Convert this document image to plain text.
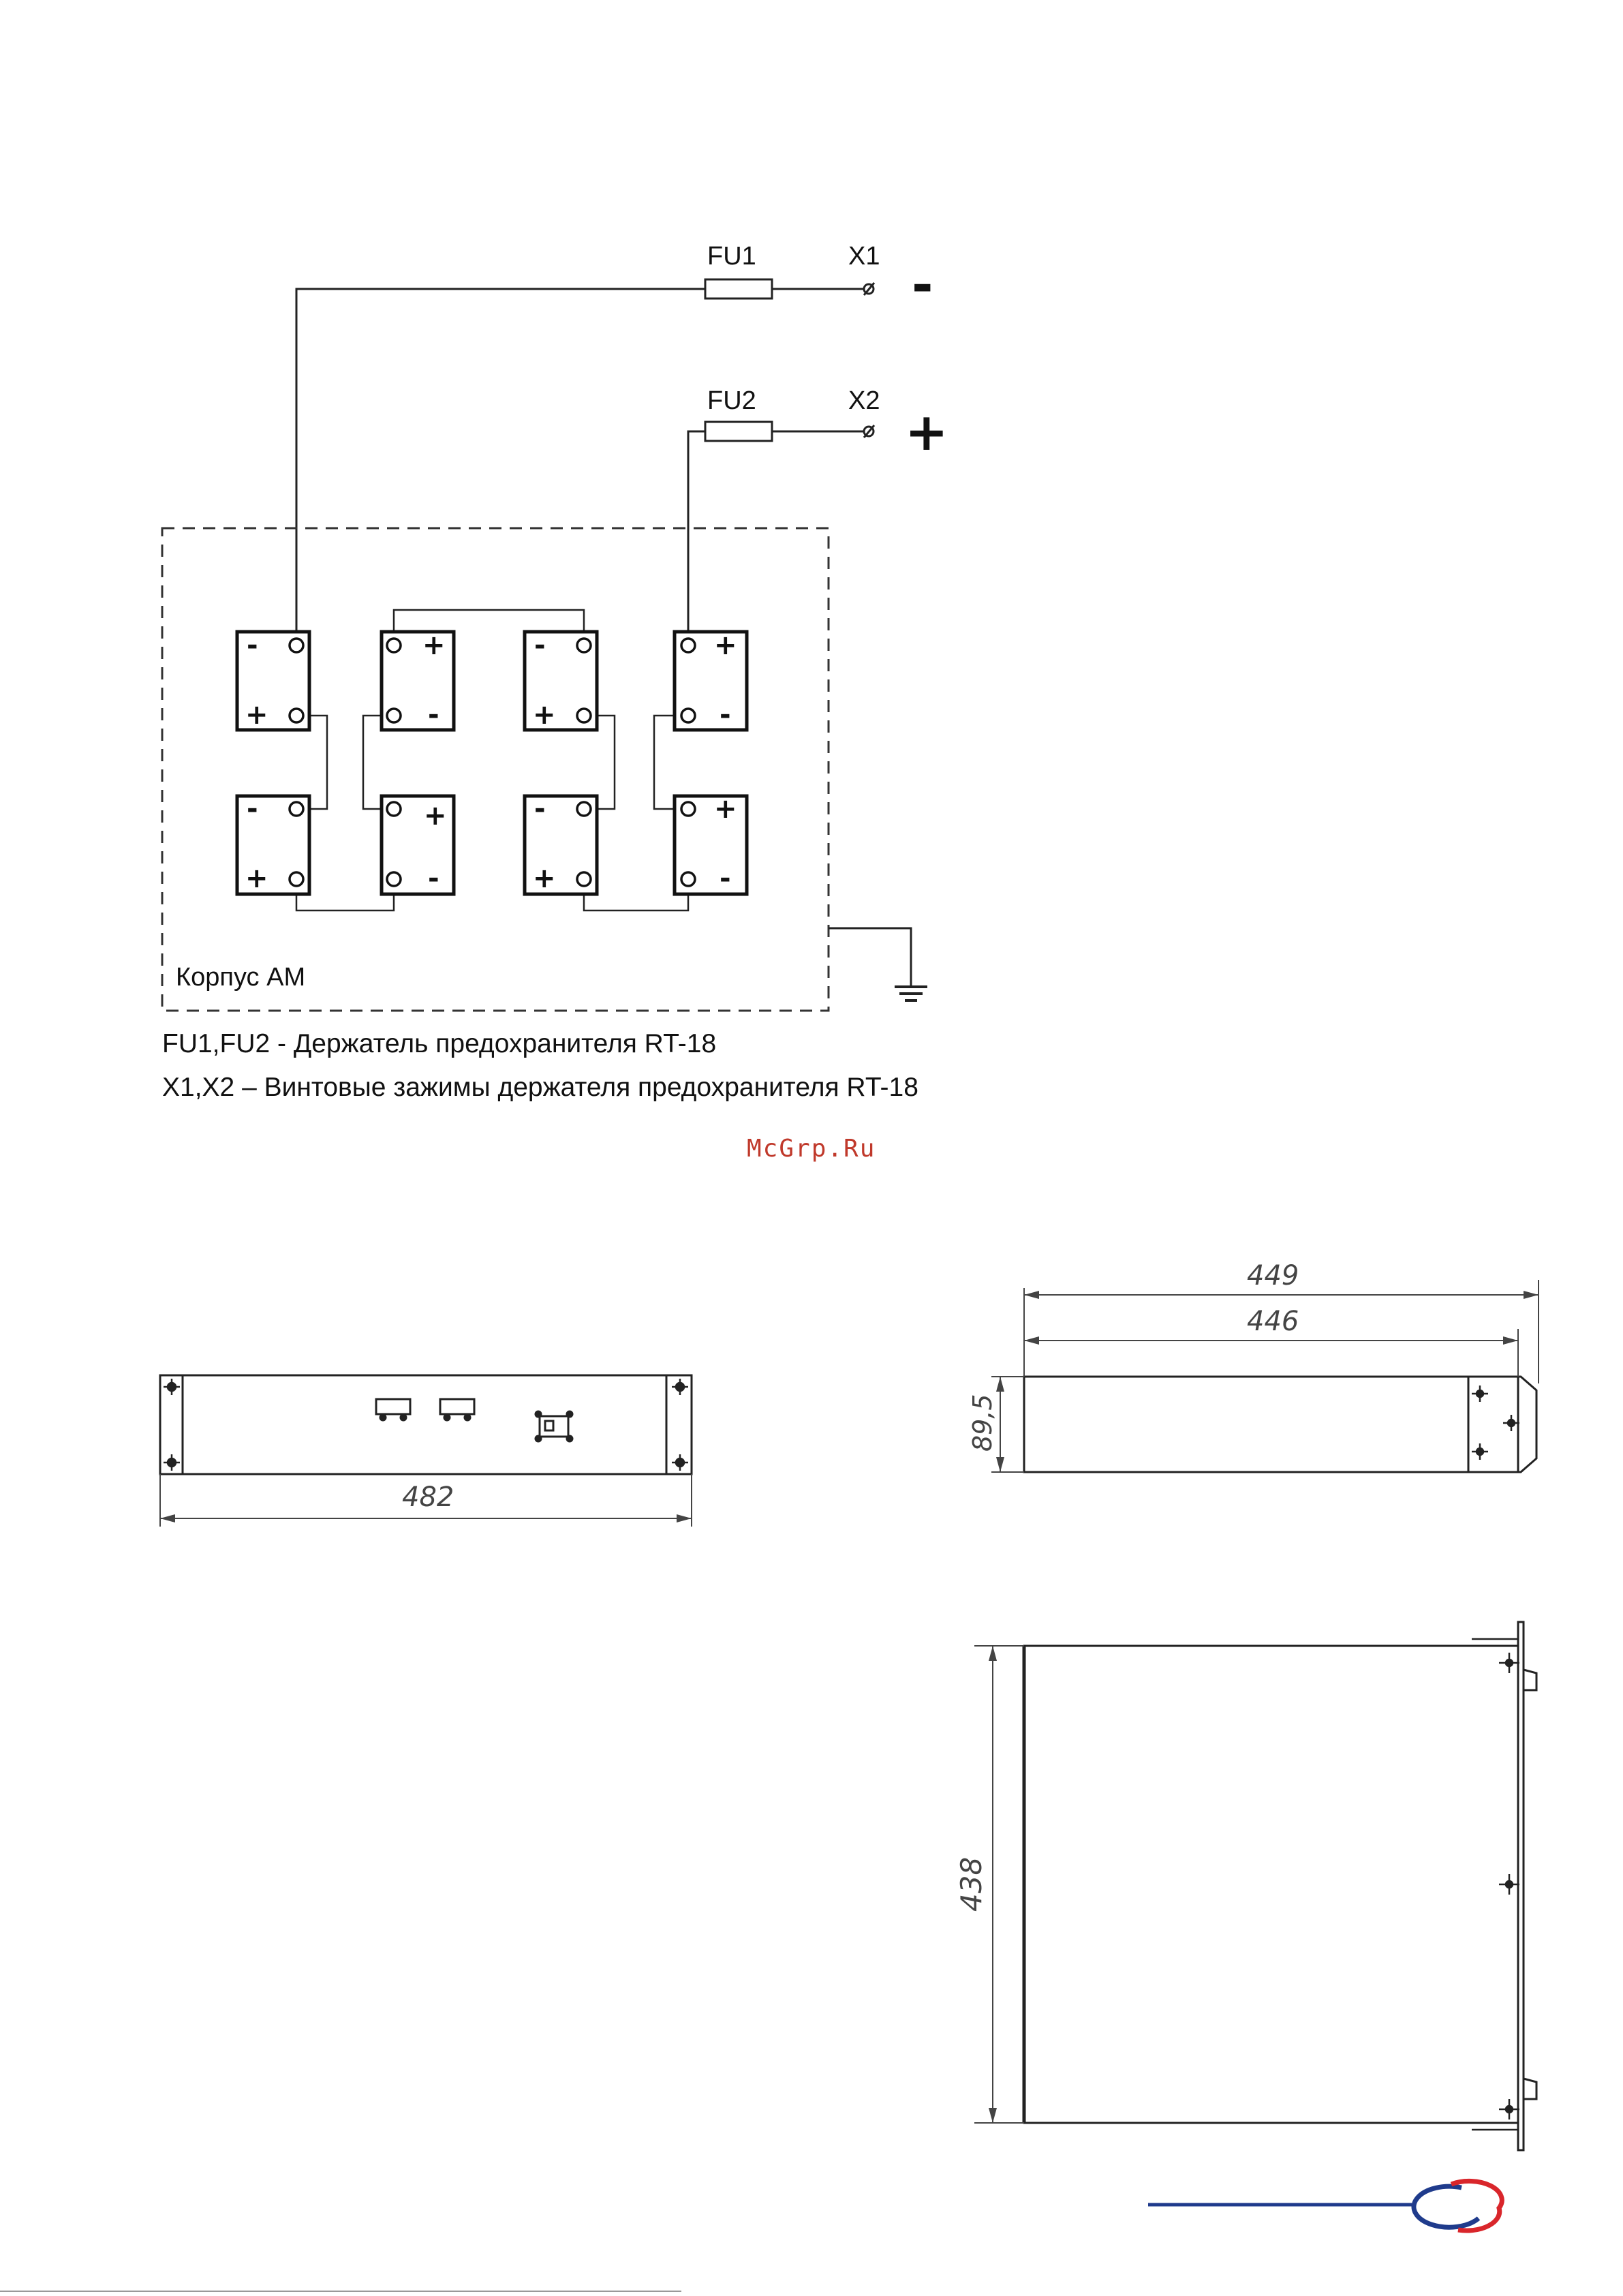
FU1	X1 -
FU2	X2
+
Корпус АМ
-
+
+
-
-
+
+
-
-
+
+
-
-
+
+
-
FU1,FU2 - Держатель предохранителя RT-18
X1,X2 – Винтовые зажимы держателя предохранителя RT-18
McGrp.Ru
482
449
446
89,5
438
